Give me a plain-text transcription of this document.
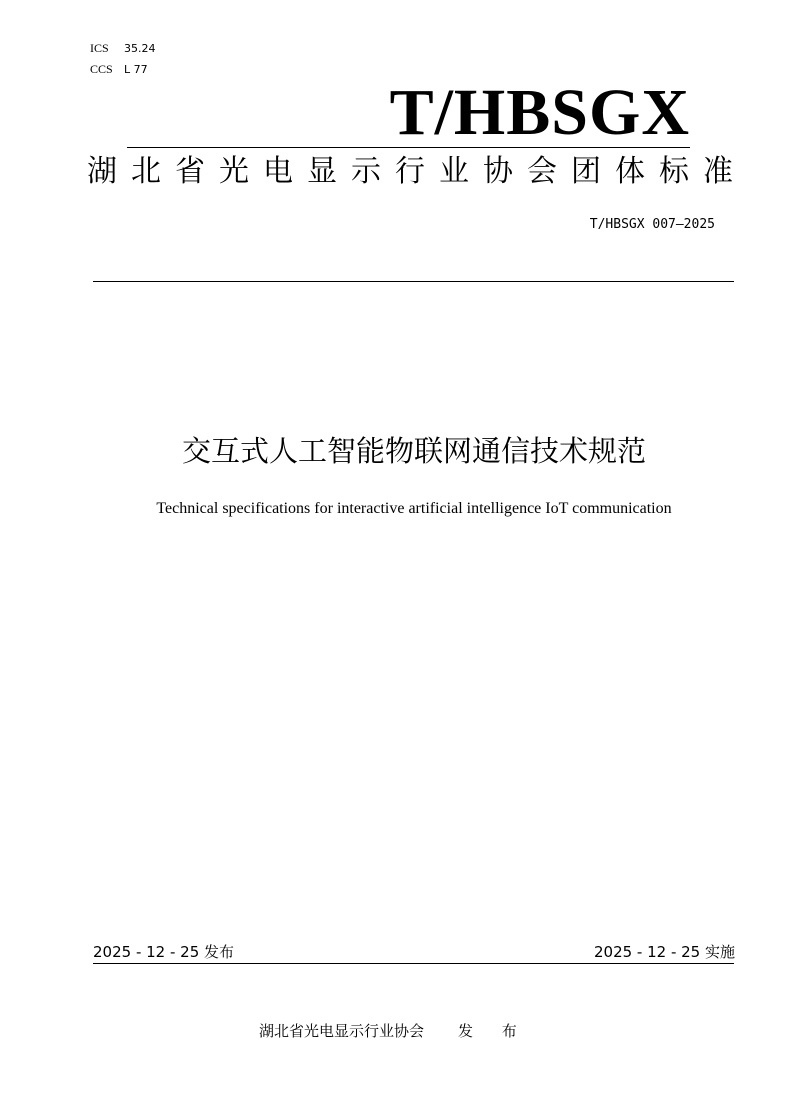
ICS 35.24
CCS L 77
T/HBSGX
湖北省光电显示行业协会团体标准
T/HBSGX 007—2025
交互式人工智能物联网通信技术规范
Technical specifications for interactive artificial intelligence IoT communication
2025 - 12 - 25 发布	2025 - 12 - 25 实施
湖北省光电显示行业协会 发 布
